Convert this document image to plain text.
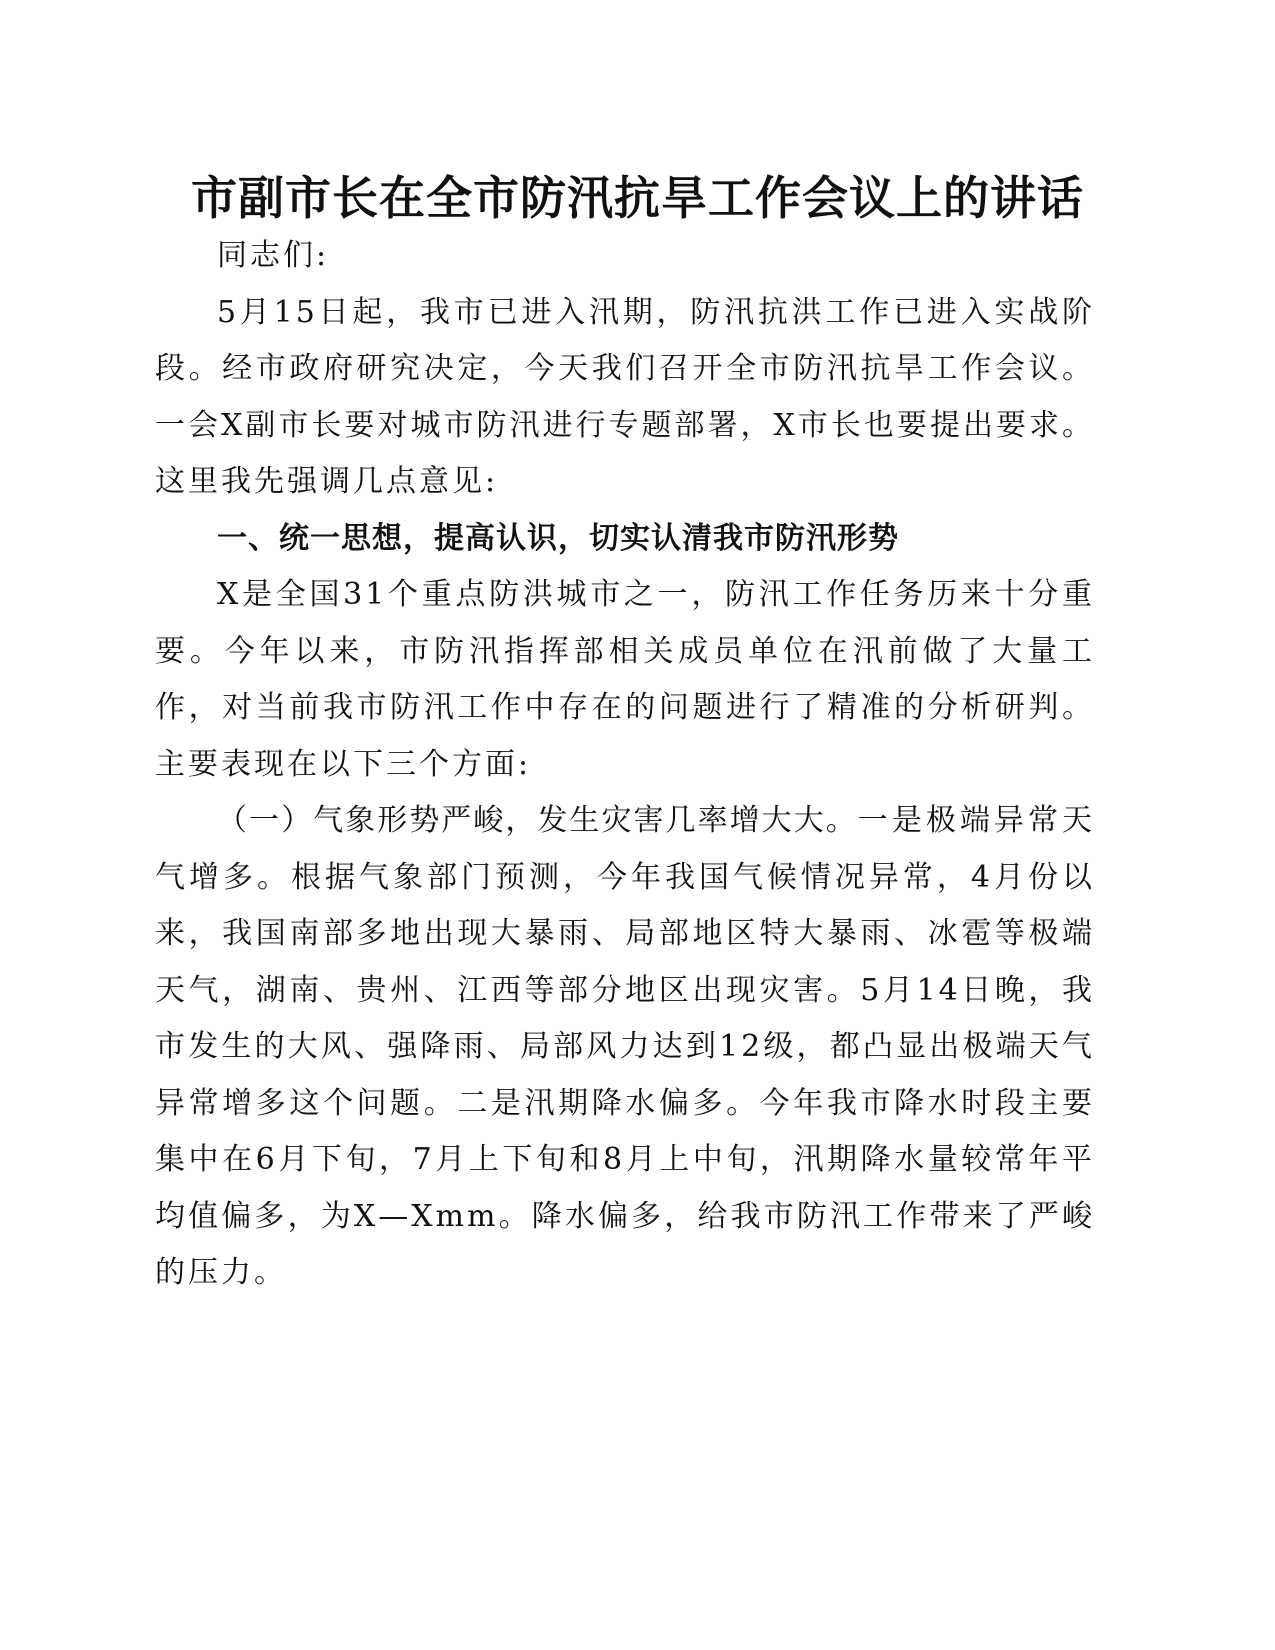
市副市长在全市防汛抗旱工作会议上的讲话

同志们:

5月15日起，我市已进入汛期，防汛抗洪工作已进入实战阶段。经市政府研究决定，今天我们召开全市防汛抗旱工作会议。一会X副市长要对城市防汛进行专题部署，X市长也要提出要求。这里我先强调几点意见:

一、统一思想，提高认识，切实认清我市防汛形势

X是全国31个重点防洪城市之一，防汛工作任务历来十分重要。今年以来，市防汛指挥部相关成员单位在汛前做了大量工作，对当前我市防汛工作中存在的问题进行了精准的分析研判。主要表现在以下三个方面:

（一）气象形势严峻，发生灾害几率增大大。一是极端异常天气增多。根据气象部门预测，今年我国气候情况异常，4月份以来，我国南部多地出现大暴雨、局部地区特大暴雨、冰雹等极端天气，湖南、贵州、江西等部分地区出现灾害。5月14日晚，我市发生的大风、强降雨、局部风力达到12级，都凸显出极端天气异常增多这个问题。二是汛期降水偏多。今年我市降水时段主要集中在6月下旬，7月上下旬和8月上中旬，汛期降水量较常年平均值偏多，为X—Xmm。降水偏多，给我市防汛工作带来了严峻的压力。
